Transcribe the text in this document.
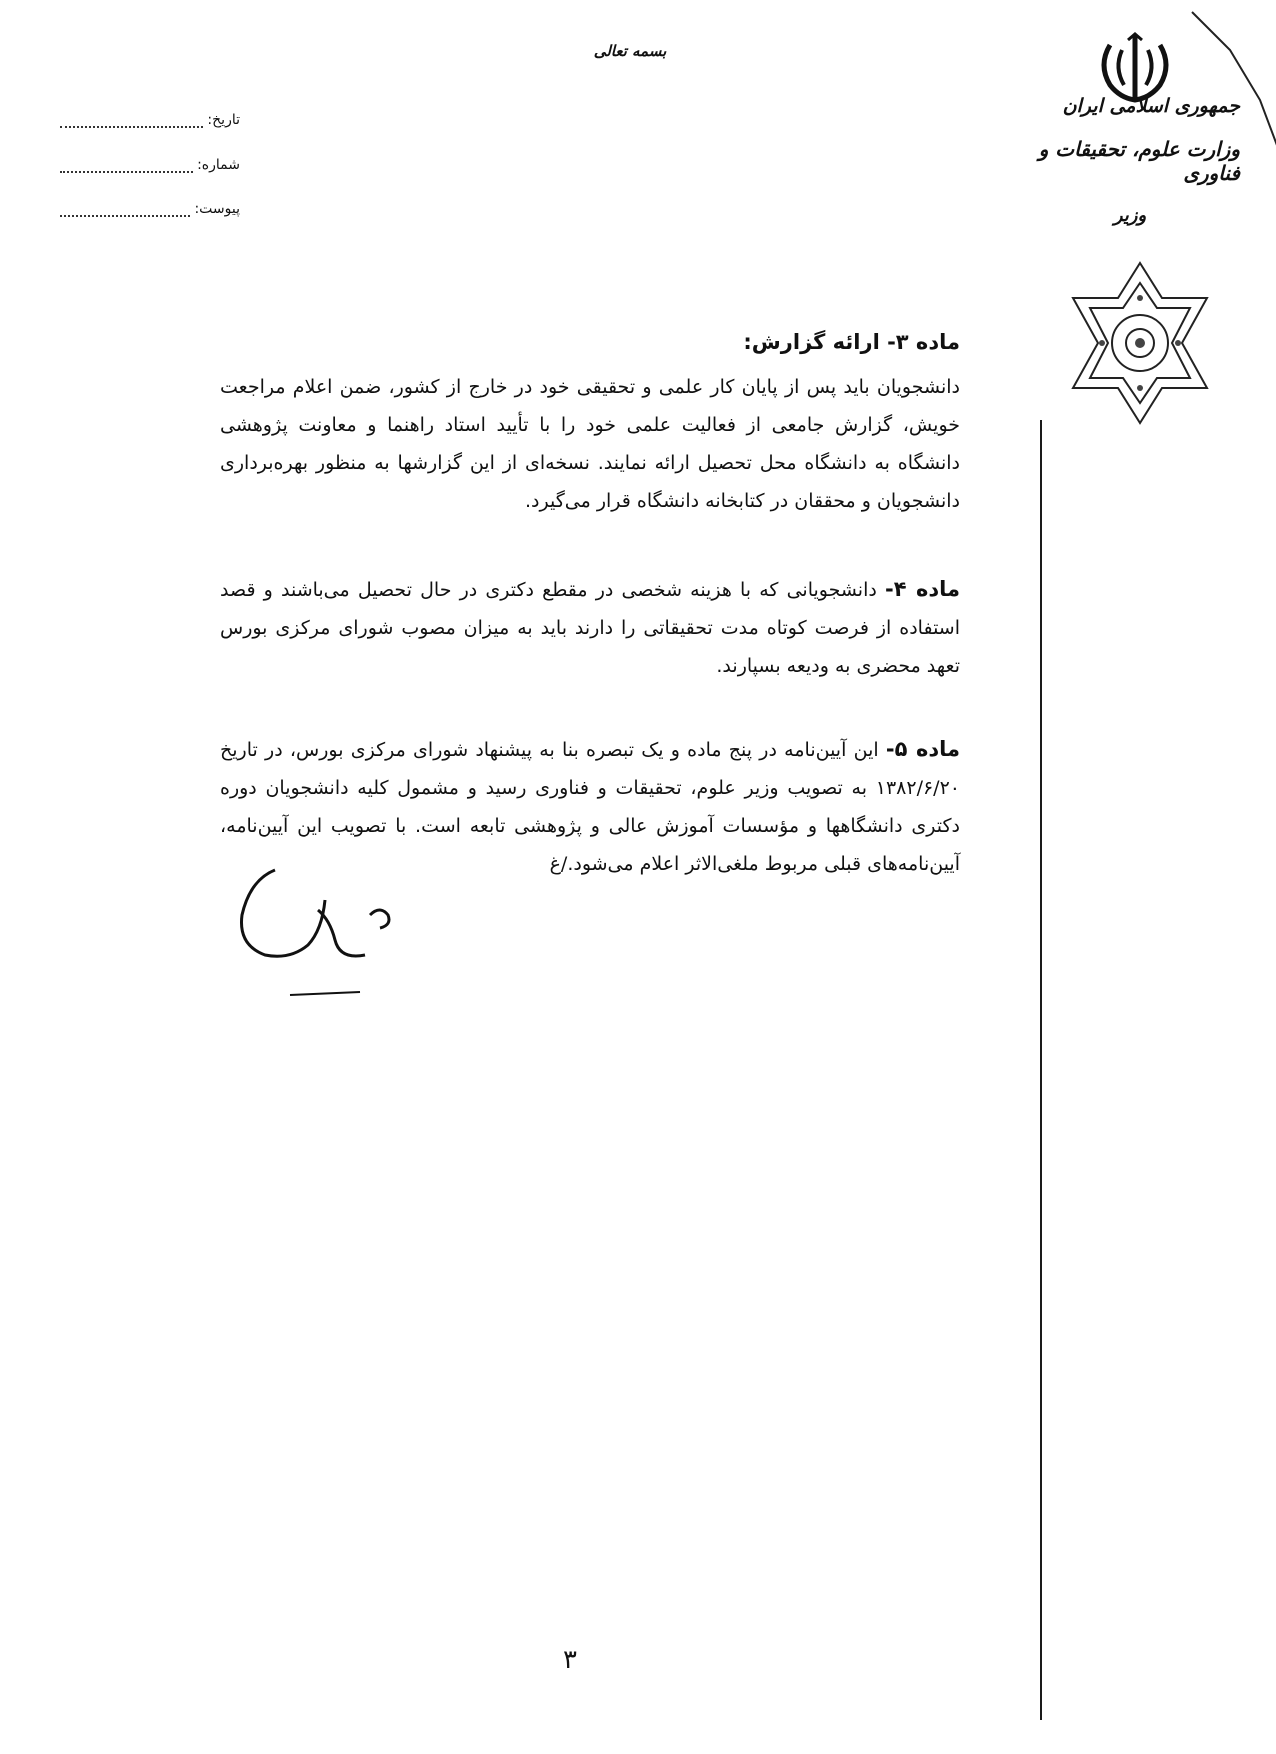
جمهوری اسلامی ایران
وزارت علوم، تحقیقات و فناوری
وزیر
بسمه تعالی
تاریخ:
شماره:
پیوست:
ماده ۳- ارائه گزارش:
دانشجویان باید پس از پایان کار علمی و تحقیقی خود در خارج از کشور، ضمن اعلام مراجعت خویش، گزارش جامعی از فعالیت علمی خود را با تأیید استاد راهنما و معاونت پژوهشی دانشگاه به دانشگاه محل تحصیل ارائه نمایند. نسخه‌ای از این گزارشها به منظور بهره‌برداری دانشجویان و محققان در کتابخانه دانشگاه قرار می‌گیرد.
ماده ۴- دانشجویانی که با هزینه شخصی در مقطع دکتری در حال تحصیل می‌باشند و قصد استفاده از فرصت کوتاه مدت تحقیقاتی را دارند باید به میزان مصوب شورای مرکزی بورس تعهد محضری به ودیعه بسپارند.
ماده ۵- این آیین‌نامه در پنج ماده و یک تبصره بنا به پیشنهاد شورای مرکزی بورس، در تاریخ ۱۳۸۲/۶/۲۰ به تصویب وزیر علوم، تحقیقات و فناوری رسید و مشمول کلیه دانشجویان دوره دکتری دانشگاهها و مؤسسات آموزش عالی و پژوهشی تابعه است. با تصویب این آیین‌نامه، آیین‌نامه‌های قبلی مربوط ملغی‌الاثر اعلام می‌شود./غ
۳
